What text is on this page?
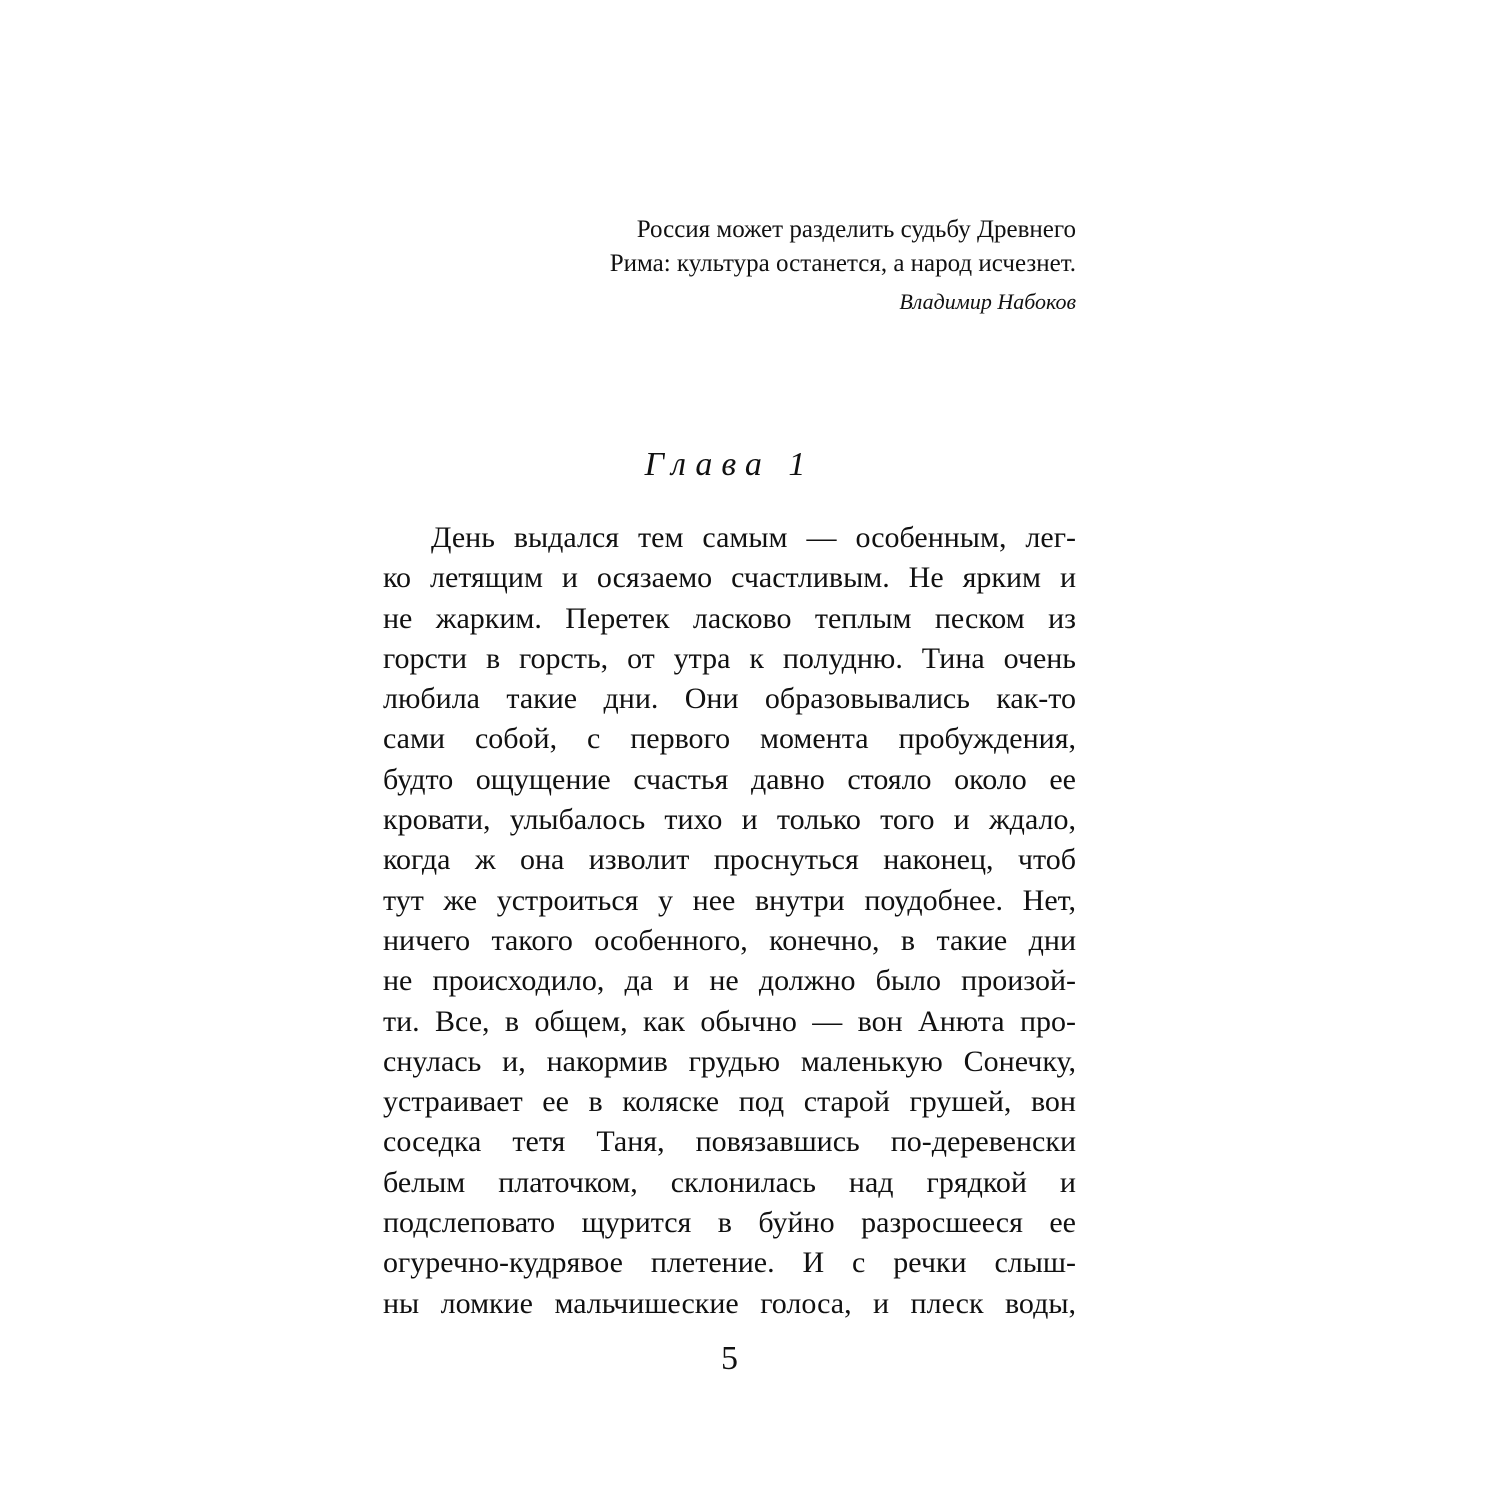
Россия может разделить судьбу Древнего
Рима: культура останется, а народ исчезнет.
Владимир Набоков
Глава 1
День выдался тем самым — особенным, лег-
ко летящим и осязаемо счастливым. Не ярким и
не жарким. Перетек ласково теплым песком из
горсти в горсть, от утра к полудню. Тина очень
любила такие дни. Они образовывались как-то
сами собой, с первого момента пробуждения,
будто ощущение счастья давно стояло около ее
кровати, улыбалось тихо и только того и ждало,
когда ж она изволит проснуться наконец, чтоб
тут же устроиться у нее внутри поудобнее. Нет,
ничего такого особенного, конечно, в такие дни
не происходило, да и не должно было произой-
ти. Все, в общем, как обычно — вон Анюта про-
снулась и, накормив грудью маленькую Сонечку,
устраивает ее в коляске под старой грушей, вон
соседка тетя Таня, повязавшись по-деревенски
белым платочком, склонилась над грядкой и
подслеповато щурится в буйно разросшееся ее
огуречно-кудрявое плетение. И с речки слыш-
ны ломкие мальчишеские голоса, и плеск воды,
5
